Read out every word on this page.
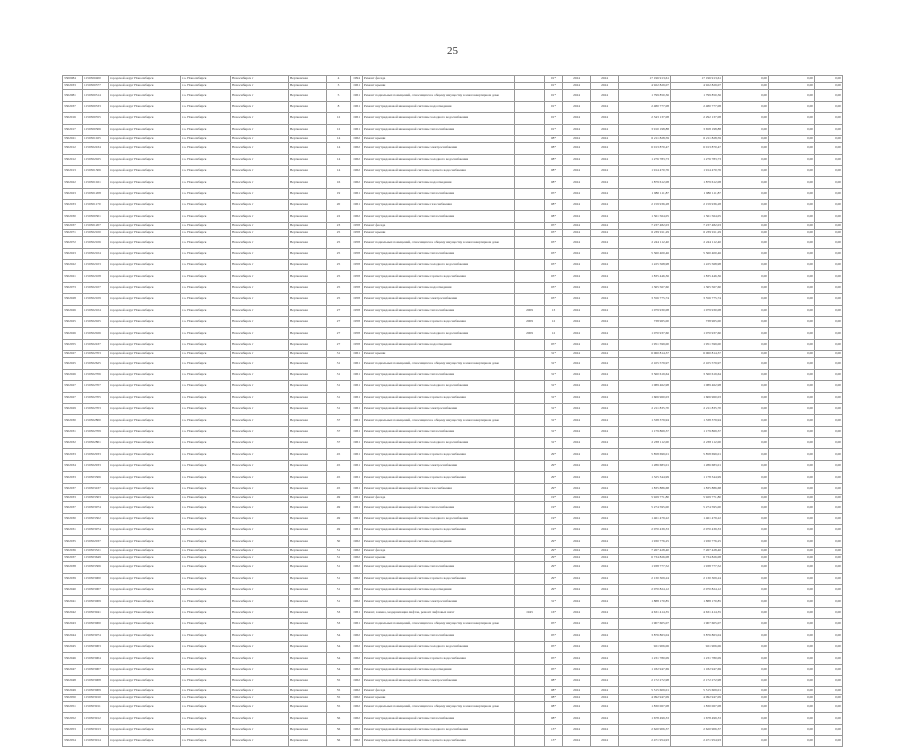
25
3300084	1150300400	городской округ Новосибирск	г.о. Новосибирск	Новосибирск г	Вертковская	4	1994	Ремонт фасада		01*	2024	2024	17 196 913,61	17 196 913,61	0,00	0,00	0,00
3302033	1150300377	городской округ Новосибирск	г.о. Новосибирск	Новосибирск г	Вертковская	3	1961	Ремонт крыши		01*	2024	2024	4 922 829,07	4 922 829,07	0,00	0,00	0,00
3302081	1150300314	городской округ Новосибирск	г.о. Новосибирск	Новосибирск г	Вертковская	5	1961	Ремонт подвальных помещений, относящихся к общему имуществу в многоквартирном доме		01*	2024	2024	1 799 850,36	1 799 850,36	0,00	0,00	0,00
3302037	1150300333	городской округ Новосибирск	г.о. Новосибирск	Новосибирск г	Вертковская	8	1961	Ремонт внутридомовой инженерной системы водоотведения		01*	2024	2024	2 480 777,08	2 480 777,08	0,00	0,00	0,00
3302016	1150300355	городской округ Новосибирск	г.о. Новосибирск	Новосибирск г	Вертковская	12	1961	Ремонт внутридомовой инженерной системы холодного водоснабжения		01*	2024	2024	2 343 137,08	2 292 137,08	0,00	0,00	0,00
3302017	1150300306	городской округ Новосибирск	г.о. Новосибирск	Новосибирск г	Вертковская	12	1961	Ремонт внутридомовой инженерной системы теплоснабжения		01*	2024	2024	3 910 198,88	3 658 198,88	0,00	0,00	0,00
3302021	1150301025	городской округ Новосибирск	г.о. Новосибирск	Новосибирск г	Вертковская	14	1962	Ремонт крыши		08*	2024	2024	6 211 828,59	6 211 828,59	0,00	0,00	0,00
3302012	1150302434	городской округ Новосибирск	г.о. Новосибирск	Новосибирск г	Вертковская	14	1962	Ремонт внутридомовой инженерной системы электроснабжения		08*	2024	2024	6 013 870,47	6 013 870,47	0,00	0,00	0,00
3302012	1150302025	городской округ Новосибирск	г.о. Новосибирск	Новосибирск г	Вертковская	14	1962	Ремонт внутридомовой инженерной системы холодного водоснабжения		08*	2024	2024	1 276 783,73	1 276 783,73	0,00	0,00	0,00
3302013	1150301306	городской округ Новосибирск	г.о. Новосибирск	Новосибирск г	Вертковская	14	1962	Ремонт внутридомовой инженерной системы горячего водоснабжения		08*	2024	2024	1 914 470,76	1 914 470,76	0,00	0,00	0,00
3302022	1150301021	городской округ Новосибирск	г.о. Новосибирск	Новосибирск г	Вертковская	16	1962	Ремонт внутридомовой инженерной системы водоотведения		08*	2024	2024	1 879 612,08	1 879 612,08	0,00	0,00	0,00
3302023	1150301208	городской округ Новосибирск	г.о. Новосибирск	Новосибирск г	Вертковская	19	1961	Ремонт внутридомовой инженерной системы теплоснабжения		05*	2024	2024	1 980 111,87	1 980 111,87	0,00	0,00	0,00
3302033	1150301170	городской округ Новосибирск	г.о. Новосибирск	Новосибирск г	Вертковская	20	1961	Ремонт внутридомовой инженерной системы газоснабжения		08*	2024	2024	2 159 936,28	2 159 936,28	0,00	0,00	0,00
3302030	1150300301	городской округ Новосибирск	г.о. Новосибирск	Новосибирск г	Вертковская	22	1962	Ремонт внутридомовой инженерной системы теплоснабжения		08*	2024	2024	1 561 564,05	1 561 564,05	0,00	0,00	0,00
3302037	1150301207	городской округ Новосибирск	г.о. Новосибирск	Новосибирск г	Вертковская	23	1958	Ремонт фасада		05*	2024	2024	7 237 482,03	7 237 482,03	0,00	0,00	0,00
3302071	1150302100	городской округ Новосибирск	г.о. Новосибирск	Новосибирск г	Вертковская	25	1958	Ремонт крыши		03*	2024	2024	6 239 911,29	6 239 911,29	0,00	0,00	0,00
3302072	1150302106	городской округ Новосибирск	г.о. Новосибирск	Новосибирск г	Вертковская	25	1958	Ремонт подвальных помещений, относящихся к общему имуществу в многоквартирном доме		03*	2024	2024	2 244 112,40	2 244 112,40	0,00	0,00	0,00
3302023	1150302104	городской округ Новосибирск	г.о. Новосибирск	Новосибирск г	Вертковская	25	1958	Ремонт внутридомовой инженерной системы теплоснабжения		03*	2024	2024	5 560 400,46	5 560 400,46	0,00	0,00	0,00
3302022	1150302103	городской округ Новосибирск	г.о. Новосибирск	Новосибирск г	Вертковская	25	1958	Ремонт внутридомовой инженерной системы холодного водоснабжения		03*	2024	2024	1 225 568,98	1 225 568,98	0,00	0,00	0,00
3302021	1150302108	городской округ Новосибирск	г.о. Новосибирск	Новосибирск г	Вертковская	25	1958	Ремонт внутридомовой инженерной системы горячего водоснабжения		03*	2024	2024	1 835 446,36	1 835 446,36	0,00	0,00	0,00
3302073	1150302107	городской округ Новосибирск	г.о. Новосибирск	Новосибирск г	Вертковская	25	1958	Ремонт внутридомовой инженерной системы водоотведения		03*	2024	2024	1 365 567,60	1 365 567,60	0,00	0,00	0,00
3302028	1150302109	городской округ Новосибирск	г.о. Новосибирск	Новосибирск г	Вертковская	25	1958	Ремонт внутридомовой инженерной системы электроснабжения		03*	2024	2024	3 556 775,74	3 556 775,74	0,00	0,00	0,00
3302026	1150302104	городской округ Новосибирск	г.о. Новосибирск	Новосибирск г	Вертковская	27	1958	Ремонт внутридомовой инженерной системы теплоснабжения	2009	13	2024	2024	1 079 930,08	1 079 930,08	0,00	0,00	0,00
3302025	1150302025	городской округ Новосибирск	г.о. Новосибирск	Новосибирск г	Вертковская	27	1958	Ремонт внутридомовой инженерной системы горячего водоснабжения	2009	12	2024	2024	738 965,00	738 965,00	0,00	0,00	0,00
3302026	1150302026	городской округ Новосибирск	г.о. Новосибирск	Новосибирск г	Вертковская	27	1958	Ремонт внутридомовой инженерной системы холодного водоснабжения	2009	12	2024	2024	1 070 937,60	1 070 937,60	0,00	0,00	0,00
3302055	1150302437	городской округ Новосибирск	г.о. Новосибирск	Новосибирск г	Вертковская	27	1958	Ремонт внутридомовой инженерной системы водоотведения		05*	2024	2024	1 951 599,00	1 951 599,00	0,00	0,00	0,00
3302027	1150302703	городской округ Новосибирск	г.о. Новосибирск	Новосибирск г	Вертковская	31	1961	Ремонт крыши		31*	2024	2024	6 060 814,37	6 060 814,37	0,00	0,00	0,00
3302025	1150302625	городской округ Новосибирск	г.о. Новосибирск	Новосибирск г	Вертковская	31	1961	Ремонт подвальных помещений, относящихся к общему имуществу в многоквартирном доме		31*	2024	2024	2 105 579,97	2 105 579,97	0,00	0,00	0,00
3302026	1150302706	городской округ Новосибирск	г.о. Новосибирск	Новосибирск г	Вертковская	31	1961	Ремонт внутридомовой инженерной системы теплоснабжения		31*	2024	2024	3 560 619,64	3 560 619,64	0,00	0,00	0,00
3302027	1150302707	городской округ Новосибирск	г.о. Новосибирск	Новосибирск г	Вертковская	31	1961	Ремонт внутридомовой инженерной системы холодного водоснабжения		31*	2024	2024	1 089 462,98	1 089 462,98	0,00	0,00	0,00
3302027	1150302705	городской округ Новосибирск	г.о. Новосибирск	Новосибирск г	Вертковская	31	1961	Ремонт внутридомовой инженерной системы горячего водоснабжения		31*	2024	2024	1 606 960,03	1 606 960,03	0,00	0,00	0,00
3302029	1150302703	городской округ Новосибирск	г.о. Новосибирск	Новосибирск г	Вертковская	31	1961	Ремонт внутридомовой инженерной системы электроснабжения		31*	2024	2024	2 211 835,70	2 211 835,70	0,00	0,00	0,00
3302030	1150302800	городской округ Новосибирск	г.о. Новосибирск	Новосибирск г	Вертковская	37	1961	Ремонт подвальных помещений, относящихся к общему имуществу в многоквартирном доме		31*	2024	2024	1 338 379,94	1 338 379,94	0,00	0,00	0,00
3302031	1150302709	городской округ Новосибирск	г.о. Новосибирск	Новосибирск г	Вертковская	37	1961	Ремонт внутридомовой инженерной системы теплоснабжения		31*	2024	2024	1 179 869,37	1 179 869,37	0,00	0,00	0,00
3302032	1150302801	городской округ Новосибирск	г.о. Новосибирск	Новосибирск г	Вертковская	37	1961	Ремонт внутридомовой инженерной системы холодного водоснабжения		31*	2024	2024	2 238 112,00	2 238 112,00	0,00	0,00	0,00
3302033	1150302933	городской округ Новосибирск	г.о. Новосибирск	Новосибирск г	Вертковская	45	1961	Ремонт внутридомовой инженерной системы горячего водоснабжения		29*	2024	2024	5 858 699,01	5 858 699,01	0,00	0,00	0,00
3302034	1150302933	городской округ Новосибирск	г.о. Новосибирск	Новосибирск г	Вертковская	45	1961	Ремонт внутридомовой инженерной системы электроснабжения		29*	2024	2024	1 286 683,01	1 286 683,01	0,00	0,00	0,00
3302033	1150303306	городской округ Новосибирск	г.о. Новосибирск	Новосибирск г	Вертковская	45	1961	Ремонт внутридомовой инженерной системы горячего водоснабжения		29*	2024	2024	1 325 344,99	1 178 344,99	0,00	0,00	0,00
3302037	1150303437	городской округ Новосибирск	г.о. Новосибирск	Новосибирск г	Вертковская	45	1961	Ремонт внутридомовой инженерной системы газоснабжения		29*	2024	2024	1 835 886,68	1 835 886,68	0,00	0,00	0,00
3302033	1150303303	городской округ Новосибирск	г.о. Новосибирск	Новосибирск г	Вертковская	49	1961	Ремонт фасада		19*	2024	2024	5 929 771,80	5 929 771,80	0,00	0,00	0,00
3302037	1150303974	городской округ Новосибирск	г.о. Новосибирск	Новосибирск г	Вертковская	49	1961	Ремонт внутридомовой инженерной системы теплоснабжения		19*	2024	2024	5 274 595,00	5 274 595,00	0,00	0,00	0,00
3302030	1150303302	городской округ Новосибирск	г.о. Новосибирск	Новосибирск г	Вертковская	49	1961	Ремонт внутридомовой инженерной системы холодного водоснабжения		19*	2024	2024	1 461 479,22	1 461 479,22	0,00	0,00	0,00
3302031	1150303974	городской округ Новосибирск	г.о. Новосибирск	Новосибирск г	Вертковская	49	1961	Ремонт внутридомовой инженерной системы горячего водоснабжения		19*	2024	2024	2 070 439,33	2 070 439,33	0,00	0,00	0,00
3302035	1150302037	городской округ Новосибирск	г.о. Новосибирск	Новосибирск г	Вертковская	50	1962	Ремонт внутридомовой инженерной системы водоотведения		29*	2024	2024	1 930 776,25	1 930 776,25	0,00	0,00	0,00
3302036	1150303321	городской округ Новосибирск	г.о. Новосибирск	Новосибирск г	Вертковская	51	1962	Ремонт фасада		29*	2024	2024	7 267 428,40	7 267 428,40	0,00	0,00	0,00
3302037	1150303649	городской округ Новосибирск	г.о. Новосибирск	Новосибирск г	Вертковская	51	1962	Ремонт крыши		29*	2024	2024	6 734 826,08	6 734 826,08	0,00	0,00	0,00
3302038	1150303306	городской округ Новосибирск	г.о. Новосибирск	Новосибирск г	Вертковская	51	1962	Ремонт внутридомовой инженерной системы теплоснабжения		29*	2024	2024	1 938 777,52	1 938 777,52	0,00	0,00	0,00
3302039	1150303900	городской округ Новосибирск	г.о. Новосибирск	Новосибирск г	Вертковская	51	1962	Ремонт внутридомовой инженерной системы горячего водоснабжения		29*	2024	2024	2 130 309,24	2 130 309,24	0,00	0,00	0,00
3302040	1150303007	городской округ Новосибирск	г.о. Новосибирск	Новосибирск г	Вертковская	51	1962	Ремонт внутридомовой инженерной системы водоотведения		29*	2024	2024	2 070 824,12	2 070 824,12	0,00	0,00	0,00
3302041	1150303009	городской округ Новосибирск	г.о. Новосибирск	Новосибирск г	Вертковская	51	1962	Ремонт внутридомовой инженерной системы электроснабжения		31*	2024	2024	1 888 170,85	1 888 170,85	0,00	0,00	0,00
3302042	1150303941	городской округ Новосибирск	г.о. Новосибирск	Новосибирск г	Вертковская	53	1961	Ремонт, замена, модернизация лифтов, ремонт лифтовых шахт	1945	16*	2024	2024	4 631 414,35	4 631 414,35	0,00	0,00	0,00
3302043	1150303900	городской округ Новосибирск	г.о. Новосибирск	Новосибирск г	Вертковская	53	1961	Ремонт подвальных помещений, относящихся к общему имуществу в многоквартирном доме		05*	2024	2024	1 907 605,07	1 907 605,07	0,00	0,00	0,00
3302044	1150303974	городской округ Новосибирск	г.о. Новосибирск	Новосибирск г	Вертковская	54	1962	Ремонт внутридомовой инженерной системы теплоснабжения		05*	2024	2024	3 876 863,04	3 876 863,04	0,00	0,00	0,00
3302045	1150303903	городской округ Новосибирск	г.о. Новосибирск	Новосибирск г	Вертковская	54	1962	Ремонт внутридомовой инженерной системы холодного водоснабжения		05*	2024	2024	921 906,06	921 906,06	0,00	0,00	0,00
3302046	1150303904	городской округ Новосибирск	г.о. Новосибирск	Новосибирск г	Вертковская	54	1962	Ремонт внутридомовой инженерной системы горячего водоснабжения		05*	2024	2024	1 231 780,09	1 231 780,09	0,00	0,00	0,00
3302047	1150303907	городской округ Новосибирск	г.о. Новосибирск	Новосибирск г	Вертковская	54	1962	Ремонт внутридомовой инженерной системы водоотведения		05*	2024	2024	1 182 947,69	1 182 947,69	0,00	0,00	0,00
3302048	1150303908	городской округ Новосибирск	г.о. Новосибирск	Новосибирск г	Вертковская	55	1962	Ремонт внутридомовой инженерной системы электроснабжения		08*	2024	2024	2 172 272,98	2 172 272,98	0,00	0,00	0,00
3302049	1150303909	городской округ Новосибирск	г.о. Новосибирск	Новосибирск г	Вертковская	55	1962	Ремонт фасада		08*	2024	2024	5 515 609,01	5 515 609,01	0,00	0,00	0,00
3302050	1150303910	городской округ Новосибирск	г.о. Новосибирск	Новосибирск г	Вертковская	55	1962	Ремонт крыши		08*	2024	2024	4 092 947,09	4 092 947,09	0,00	0,00	0,00
3302051	1150303911	городской округ Новосибирск	г.о. Новосибирск	Новосибирск г	Вертковская	55	1962	Ремонт подвальных помещений, относящихся к общему имуществу в многоквартирном доме		08*	2024	2024	1 830 067,08	1 830 067,08	0,00	0,00	0,00
3302052	1150303912	городской округ Новосибирск	г.о. Новосибирск	Новосибирск г	Вертковская	56	1962	Ремонт внутридомовой инженерной системы теплоснабжения		08*	2024	2024	1 678 499,33	1 678 499,33	0,00	0,00	0,00
3302053	1150303913	городской округ Новосибирск	г.о. Новосибирск	Новосибирск г	Вертковская	56	1962	Ремонт внутридомовой инженерной системы холодного водоснабжения		13*	2024	2024	2 620 906,37	2 620 906,37	0,00	0,00	0,00
3302054	1150303914	городской округ Новосибирск	г.о. Новосибирск	Новосибирск г	Вертковская	56	1962	Ремонт внутридомовой инженерной системы горячего водоснабжения		13*	2024	2024	2 471 954,93	2 471 954,93	0,00	0,00	0,00
